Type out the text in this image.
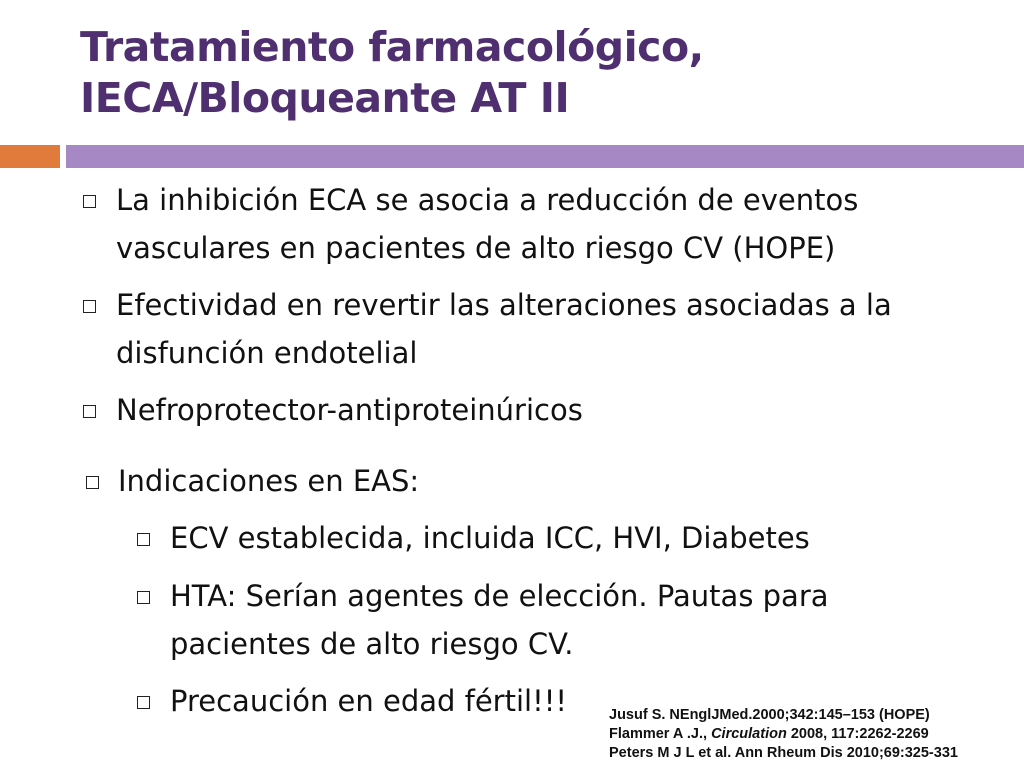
Tratamiento farmacológico,
IECA/Bloqueante AT II
La inhibición ECA se asocia a reducción de eventos
vasculares en pacientes de alto riesgo CV (HOPE)
Efectividad en revertir las alteraciones asociadas a la
disfunción endotelial
Nefroprotector-antiproteinúricos
Indicaciones en EAS:
ECV establecida, incluida ICC, HVI, Diabetes
HTA: Serían agentes de elección. Pautas para
pacientes de alto riesgo CV.
Precaución en edad fértil!!!	Jusuf S. NEnglJMed.2000;342:145–153 (HOPE)
Flammer A .J., Circulation 2008, 117:2262-2269
Peters M J L et al. Ann Rheum Dis 2010;69:325-331
